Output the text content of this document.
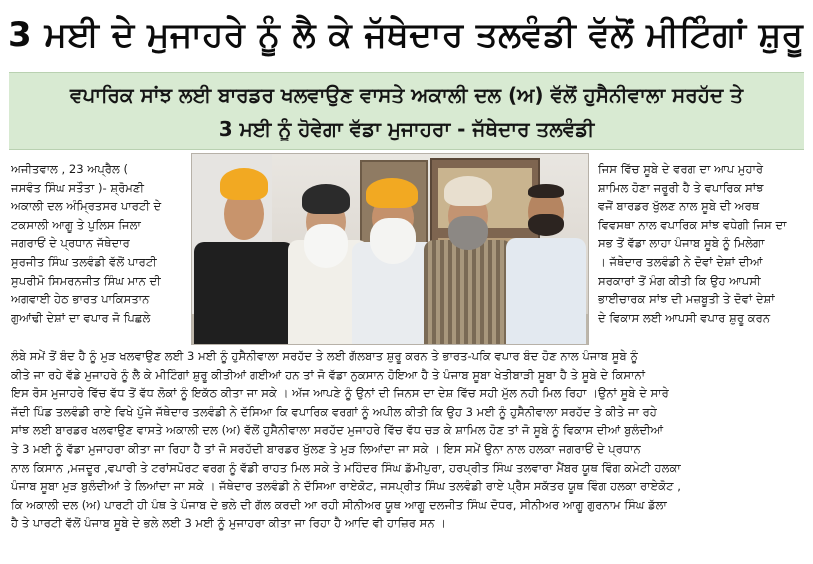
3 ਮਈ ਦੇ ਮੁਜਾਹਰੇ ਨੂੰ ਲੈ ਕੇ ਜੱਥੇਦਾਰ ਤਲਵੰਡੀ ਵੱਲੋਂ ਮੀਟਿੰਗਾਂ ਸ਼ੁਰੂ
ਵਪਾਰਿਕ ਸਾਂਝ ਲਈ ਬਾਰਡਰ ਖਲਵਾਉਣ ਵਾਸਤੇ ਅਕਾਲੀ ਦਲ (ਅ) ਵੱਲੋਂ ਹੁਸੈਨੀਵਾਲਾ ਸਰਹੱਦ ਤੇ
3 ਮਈ ਨੂੰ ਹੋਵੇਗਾ ਵੱਡਾ ਮੁਜਾਹਰਾ - ਜੱਥੇਦਾਰ ਤਲਵੰਡੀ

ਅਜੀਤਵਾਲ , 23 ਅਪ੍ਰੈਲ (

ਜਸਵੰਤ ਸਿੰਘ ਸਤੌਤਾ )- ਸ਼੍ਰੋਮਣੀ

ਅਕਾਲੀ ਦਲ ਅੰਮ੍ਰਿਤਸਰ ਪਾਰਟੀ ਦੇ

ਟਕਸਾਲੀ ਆਗੂ ਤੇ ਪੁਲਿਸ ਜਿਲਾ

ਜਗਰਾਓਂ ਦੇ ਪ੍ਰਧਾਨ ਜੱਥੇਦਾਰ

ਸੁਰਜੀਤ ਸਿੰਘ ਤਲਵੰਡੀ ਵੱਲੋਂ ਪਾਰਟੀ

ਸੁਪਰੀਮੋ ਸਿਮਰਨਜੀਤ ਸਿੰਘ ਮਾਨ ਦੀ

ਅਗਵਾਈ ਹੇਠ ਭਾਰਤ ਪਾਕਿਸਤਾਨ

ਗੁਆਂਢੀ ਦੇਸ਼ਾਂ ਦਾ ਵਪਾਰ ਜੋ ਪਿਛਲੇ

ਜਿਸ ਵਿੱਚ ਸੂਬੇ ਦੇ ਵਰਗ ਦਾ ਆਪ ਮੁਹਾਰੇ

ਸ਼ਾਮਿਲ ਹੋਣਾ ਜਰੂਰੀ ਹੈ ਤੇ ਵਪਾਰਿਕ ਸਾਂਝ

ਵਜੋਂ ਬਾਰਡਰ ਖੁੱਲਣ ਨਾਲ ਸੂਬੇ ਦੀ ਅਰਥ

ਵਿਵਸਥਾ ਨਾਲ ਵਪਾਰਿਕ ਸਾਂਝ ਵਧੇਗੀ ਜਿਸ ਦਾ

ਸਭ ਤੋਂ ਵੱਡਾ ਲਾਹਾ ਪੰਜਾਬ ਸੂਬੇ ਨੂੰ ਮਿਲੇਗਾ

। ਜੱਥੇਦਾਰ ਤਲਵੰਡੀ ਨੇ ਦੋਵਾਂ ਦੇਸ਼ਾਂ ਦੀਆਂ

ਸਰਕਾਰਾਂ ਤੋਂ ਮੰਗ ਕੀਤੀ ਕਿ ਉਹ ਆਪਸੀ

ਭਾਈਚਾਰਕ ਸਾਂਝ ਦੀ ਮਜ਼ਬੂਤੀ ਤੇ ਦੋਵਾਂ ਦੇਸ਼ਾਂ

ਦੇ ਵਿਕਾਸ ਲਈ ਆਪਸੀ ਵਪਾਰ ਸ਼ੁਰੂ ਕਰਨ

ਲੰਬੇ ਸਮੇਂ ਤੋਂ ਬੰਦ ਹੈ ਨੂੰ ਮੁੜ ਖਲਵਾਉਣ ਲਈ 3 ਮਈ ਨੂੰ ਹੁਸੈਨੀਵਾਲਾ ਸਰਹੱਦ ਤੇ ਲਈ ਗੱਲਬਾਤ ਸ਼ੁਰੂ ਕਰਨ ਤੇ ਭਾਰਤ-ਪਕਿ ਵਪਾਰ ਬੰਦ ਹੋਣ ਨਾਲ ਪੰਜਾਬ ਸੂਬੇ ਨੂੰ

ਕੀਤੇ ਜਾ ਰਹੇ ਵੱਡੇ ਮੁਜਾਹਰੇ ਨੂੰ ਲੈ ਕੇ ਮੀਟਿੰਗਾਂ ਸ਼ੁਰੂ ਕੀਤੀਆਂ ਗਈਆਂ ਹਨ ਤਾਂ ਜੋ ਵੱਡਾ ਨੁਕਸਾਨ ਹੋਇਆ ਹੈ ਤੇ ਪੰਜਾਬ ਸੂਬਾ ਖੇਤੀਬਾੜੀ ਸੂਬਾ ਹੈ ਤੇ ਸੂਬੇ ਦੇ ਕਿਸਾਨਾਂ

ਇਸ ਰੋਸ ਮੁਜਾਹਰੇ ਵਿੱਚ ਵੱਧ ਤੋਂ ਵੱਧ ਲੋਕਾਂ ਨੂੰ ਇਕੱਠ ਕੀਤਾ ਜਾ ਸਕੇ । ਅੱਜ ਆਪਣੇ ਨੂੰ ਉਨਾਂ ਦੀ ਜਿਨਸ ਦਾ ਦੇਸ਼ ਵਿੱਚ ਸਹੀ ਮੁੱਲ ਨਹੀ ਮਿਲ ਰਿਹਾ ।ਉਨਾਂ ਸੂਬੇ ਦੇ ਸਾਰੇ

ਜੱਦੀ ਪਿੰਡ ਤਲਵੰਡੀ ਰਾਏ ਵਿਖੇ ਪੁੱਜੇ ਜੱਥੇਦਾਰ ਤਲਵੰਡੀ ਨੇ ਦੱਸਿਆ ਕਿ ਵਪਾਰਿਕ ਵਰਗਾਂ ਨੂੰ ਅਪੀਲ ਕੀਤੀ ਕਿ ਉਹ 3 ਮਈ ਨੂੰ ਹੁਸੈਨੀਵਾਲਾ ਸਰਹੱਦ ਤੇ ਕੀਤੇ ਜਾ ਰਹੇ

ਸਾਂਝ ਲਈ ਬਾਰਡਰ ਖਲਵਾਉਣ ਵਾਸਤੇ ਅਕਾਲੀ ਦਲ (ਅ) ਵੱਲੋਂ ਹੁਸੈਨੀਵਾਲਾ ਸਰਹੱਦ ਮੁਜਾਹਰੇ ਵਿੱਚ ਵੱਧ ਚੜ ਕੇ ਸ਼ਾਮਿਲ ਹੋਣ ਤਾਂ ਜੋ ਸੂਬੇ ਨੂੰ ਵਿਕਾਸ ਦੀਆਂ ਬੁਲੰਦੀਆਂ

ਤੇ 3 ਮਈ ਨੂੰ ਵੱਡਾ ਮੁਜਾਹਰਾ ਕੀਤਾ ਜਾ ਰਿਹਾ ਹੈ ਤਾਂ ਜੋ ਸਰਹੱਦੀ ਬਾਰਡਰ ਖੁੱਲਣ ਤੇ ਮੁੜ ਲਿਆਂਦਾ ਜਾ ਸਕੇ । ਇਸ ਸਮੇਂ ਉਨਾ ਨਾਲ ਹਲਕਾ ਜਗਰਾਓਂ ਦੇ ਪ੍ਰਧਾਨ

ਨਾਲ ਕਿਸਾਨ ,ਮਜਦੂਰ ,ਵਪਾਰੀ ਤੇ ਟਰਾਂਸਪੋਰਟ ਵਰਗ ਨੂੰ ਵੱਡੀ ਰਾਹਤ ਮਿਲ ਸਕੇ ਤੇ ਮਹਿੰਦਰ ਸਿੰਘ ਡੱਮੀਪੁਰਾ, ਹਰਪ੍ਰੀਤ ਸਿੰਘ ਤਲਵਾਰਾ ਮੈਂਬਰ ਯੂਥ ਵਿੰਗ ਕਮੇਟੀ ਹਲਕਾ

ਪੰਜਾਬ ਸੂਬਾ ਮੁੜ ਬੁਲੰਦੀਆਂ ਤੇ ਲਿਆਂਦਾ ਜਾ ਸਕੇ । ਜੱਥੇਦਾਰ ਤਲਵੰਡੀ ਨੇ ਦੱਸਿਆ ਰਾਏਕੋਟ, ਜਸਪ੍ਰੀਤ ਸਿੰਘ ਤਲਵੰਡੀ ਰਾਏ ਪ੍ਰੈਸ ਸਕੱਤਰ ਯੂਥ ਵਿੰਗ ਹਲਕਾ ਰਾਏਕੋਟ ,

ਕਿ ਅਕਾਲੀ ਦਲ (ਅ) ਪਾਰਟੀ ਹੀ ਪੰਥ ਤੇ ਪੰਜਾਬ ਦੇ ਭਲੇ ਦੀ ਗੱਲ ਕਰਦੀ ਆ ਰਹੀ ਸੀਨੀਅਰ ਯੂਥ ਆਗੂ ਦਲਜੀਤ ਸਿੰਘ ਦੋਧਰ, ਸੀਨੀਅਰ ਆਗੂ ਗੁਰਨਾਮ ਸਿੰਘ ਡੱਲਾ

ਹੈ ਤੇ ਪਾਰਟੀ ਵੱਲੋਂ ਪੰਜਾਬ ਸੂਬੇ ਦੇ ਭਲੇ ਲਈ 3 ਮਈ ਨੂੰ ਮੁਜਾਹਰਾ ਕੀਤਾ ਜਾ ਰਿਹਾ ਹੈ ਆਦਿ ਵੀ ਹਾਜ਼ਿਰ ਸਨ ।
